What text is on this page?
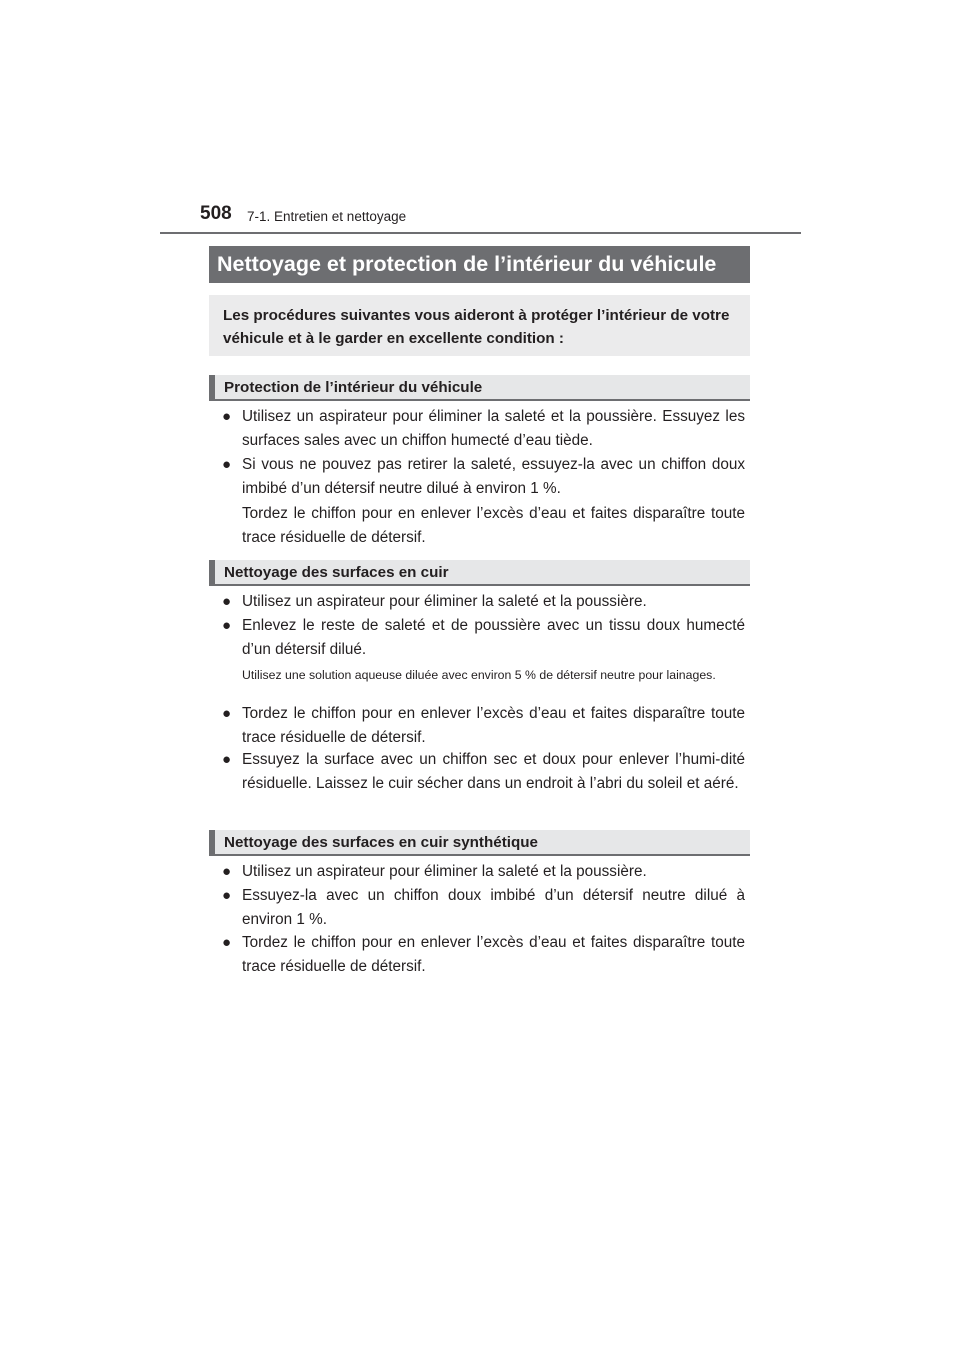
508 7-1. Entretien et nettoyage
Nettoyage et protection de l’intérieur du véhicule
Les procédures suivantes vous aideront à protéger l’intérieur de votre véhicule et à le garder en excellente condition :
Protection de l’intérieur du véhicule
● Utilisez un aspirateur pour éliminer la saleté et la poussière. Essuyez les surfaces sales avec un chiffon humecté d’eau tiède.
● Si vous ne pouvez pas retirer la saleté, essuyez-la avec un chiffon doux imbibé d’un détersif neutre dilué à environ 1 %.
Tordez le chiffon pour en enlever l’excès d’eau et faites disparaître toute trace résiduelle de détersif.
Nettoyage des surfaces en cuir
● Utilisez un aspirateur pour éliminer la saleté et la poussière.
● Enlevez le reste de saleté et de poussière avec un tissu doux humecté d’un détersif dilué.
Utilisez une solution aqueuse diluée avec environ 5 % de détersif neutre pour lainages.
● Tordez le chiffon pour en enlever l’excès d’eau et faites disparaître toute trace résiduelle de détersif.
● Essuyez la surface avec un chiffon sec et doux pour enlever l’humi-dité résiduelle. Laissez le cuir sécher dans un endroit à l’abri du soleil et aéré.
Nettoyage des surfaces en cuir synthétique
● Utilisez un aspirateur pour éliminer la saleté et la poussière.
● Essuyez-la avec un chiffon doux imbibé d’un détersif neutre dilué à environ 1 %.
● Tordez le chiffon pour en enlever l’excès d’eau et faites disparaître toute trace résiduelle de détersif.
